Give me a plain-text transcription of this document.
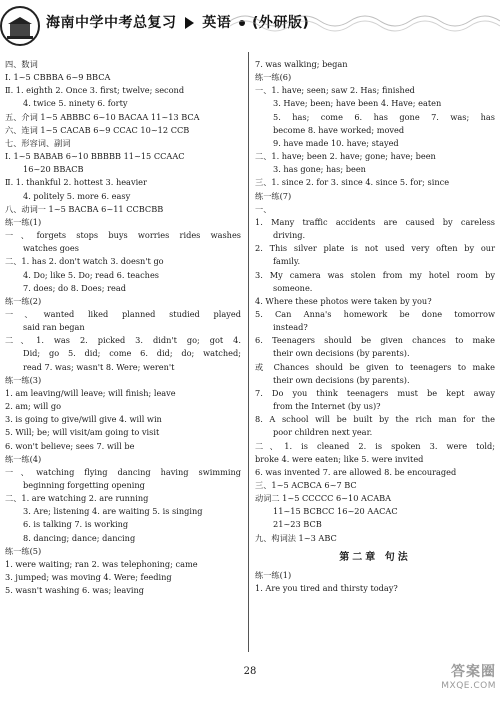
海南中学中考总复习 英语 (外研版)
四、数词
Ⅰ. 1~5 CBBBA 6~9 BBCA
Ⅱ. 1. eighth 2. Once 3. first; twelve; second
4. twice 5. ninety 6. forty
五、介词 1~5 ABBBC 6~10 BACAA 11~13 BCA
六、连词 1~5 CACAB 6~9 CCAC 10~12 CCB
七、形容词、副词
Ⅰ. 1~5 BABAB 6~10 BBBBB 11~15 CCAAC
16~20 BBACB
Ⅱ. 1. thankful 2. hottest 3. heavier
4. politely 5. more 6. easy
八、动词一 1~5 BACBA 6~11 CCBCBB
练一练(1)
一、forgets stops buys worries rides washes
watches goes
二、1. has 2. don't watch 3. doesn't go
4. Do; like 5. Do; read 6. teaches
7. does; do 8. Does; read
练一练(2)
一、wanted liked planned studied played
said ran began
二、1. was 2. picked 3. didn't go; got 4.
Did; go 5. did; come 6. did; do; watched;
read 7. was; wasn't 8. Were; weren't
练一练(3)
1. am leaving/will leave; will finish; leave
2. am; will go
3. is going to give/will give 4. will win
5. Will; be; will visit/am going to visit
6. won't believe; sees 7. will be
练一练(4)
一、watching flying dancing having swimming
beginning forgetting opening
二、1. are watching 2. are running
3. Are; listening 4. are waiting 5. is singing
6. is talking 7. is working
8. dancing; dance; dancing
练一练(5)
1. were waiting; ran 2. was telephoning; came
3. jumped; was moving 4. Were; feeding
5. wasn't washing 6. was; leaving
7. was walking; began
练一练(6)
一、1. have; seen; saw 2. Has; finished
3. Have; been; have been 4. Have; eaten
5. has; come 6. has gone 7. was; has
become 8. have worked; moved
9. have made 10. have; stayed
二、1. have; been 2. have; gone; have; been
3. has gone; has; been
三、1. since 2. for 3. since 4. since 5. for; since
练一练(7)
一、
1. Many traffic accidents are caused by careless
driving.
2. This silver plate is not used very often by our
family.
3. My camera was stolen from my hotel room by
someone.
4. Where these photos were taken by you?
5. Can Anna's homework be done tomorrow
instead?
6. Teenagers should be given chances to make
their own decisions (by parents).
或 Chances should be given to teenagers to make
their own decisions (by parents).
7. Do you think teenagers must be kept away
from the Internet (by us)?
8. A school will be built by the rich man for the
poor children next year.
二、1. is cleaned 2. is spoken 3. were told;
broke 4. were eaten; like 5. were invited
6. was invented 7. are allowed 8. be encouraged
三、1~5 ACBCA 6~7 BC
动词二 1~5 CCCCC 6~10 ACABA
11~15 BCBCC 16~20 AACAC
21~23 BCB
九、构词法 1~3 ABC
第二章 句法
练一练(1)
1. Are you tired and thirsty today?
28	答案圈
MXQE.COM
